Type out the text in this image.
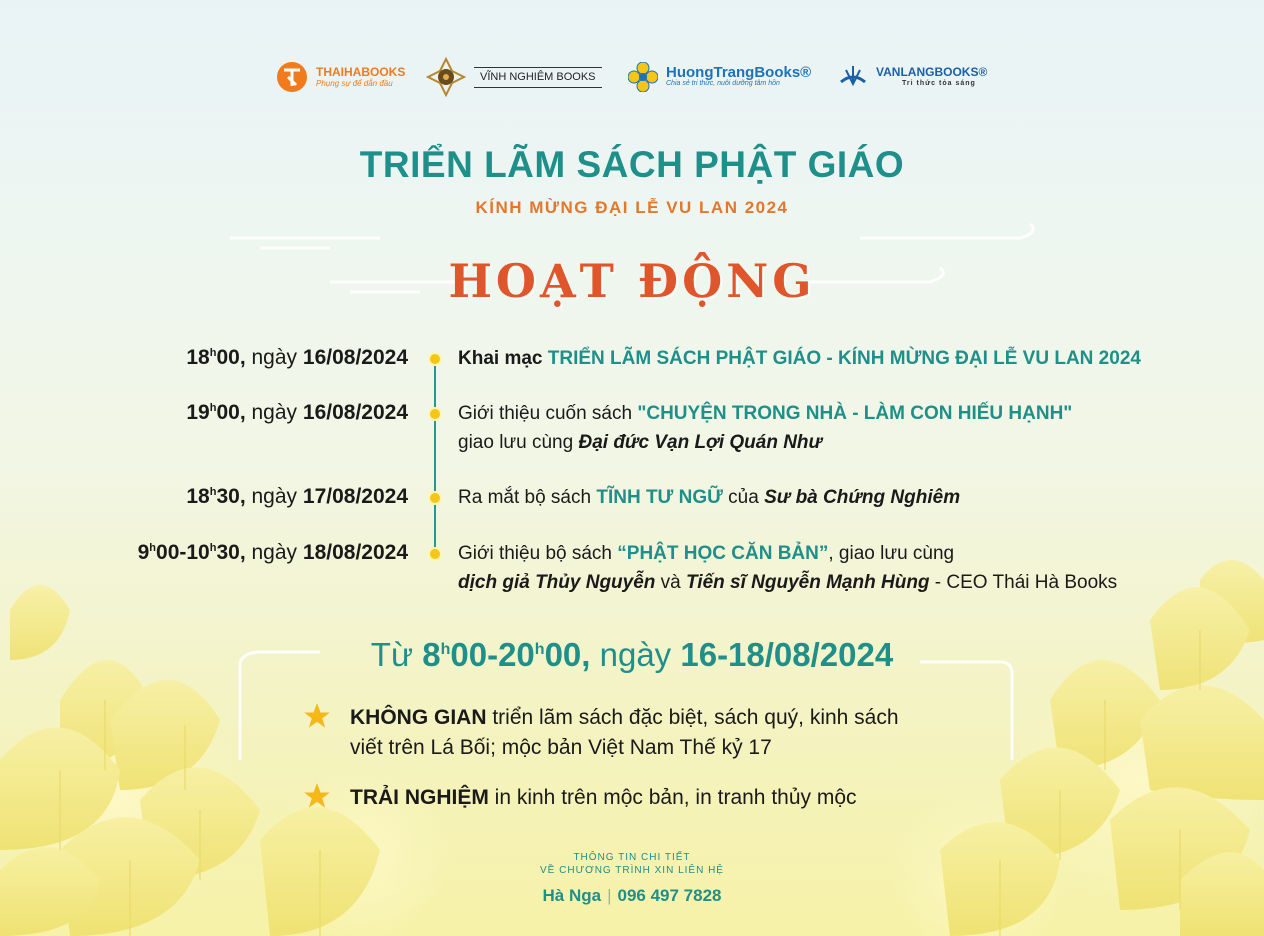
THAIHABOOKS
Phụng sự để dẫn đầu
VĨNH NGHIÊM BOOKS	HuongTrangBooks®
Chia sẻ tri thức, nuôi dưỡng tâm hồn
VANLANGBOOKS®
Tri thức tỏa sáng
TRIỂN LÃM SÁCH PHẬT GIÁO
KÍNH MỪNG ĐẠI LỄ VU LAN 2024
HOẠT ĐỘNG
18$^h$00, ngày 16/08/2024	Khai mạc TRIỂN LÃM SÁCH PHẬT GIÁO - KÍNH MỪNG ĐẠI LỄ VU LAN 2024
19$^h$00, ngày 16/08/2024	Giới thiệu cuốn sách "CHUYỆN TRONG NHÀ - LÀM CON HIẾU HẠNH"
giao lưu cùng Đại đức Vạn Lợi Quán Như
18$^h$30, ngày 17/08/2024	Ra mắt bộ sách TĨNH TƯ NGỮ của Sư bà Chứng Nghiêm
9$^h$00-10$^h$30, ngày 18/08/2024	Giới thiệu bộ sách “PHẬT HỌC CĂN BẢN”, giao lưu cùng
dịch giả Thủy Nguyễn và Tiến sĩ Nguyễn Mạnh Hùng - CEO Thái Hà Books
Từ 8$^h$00-20$^h$00, ngày 16-18/08/2024
KHÔNG GIAN triển lãm sách đặc biệt, sách quý, kinh sách
viết trên Lá Bối; mộc bản Việt Nam Thế kỷ 17
TRẢI NGHIỆM in kinh trên mộc bản, in tranh thủy mộc
THÔNG TIN CHI TIẾT
VỀ CHƯƠNG TRÌNH XIN LIÊN HỆ
Hà Nga | 096 497 7828
